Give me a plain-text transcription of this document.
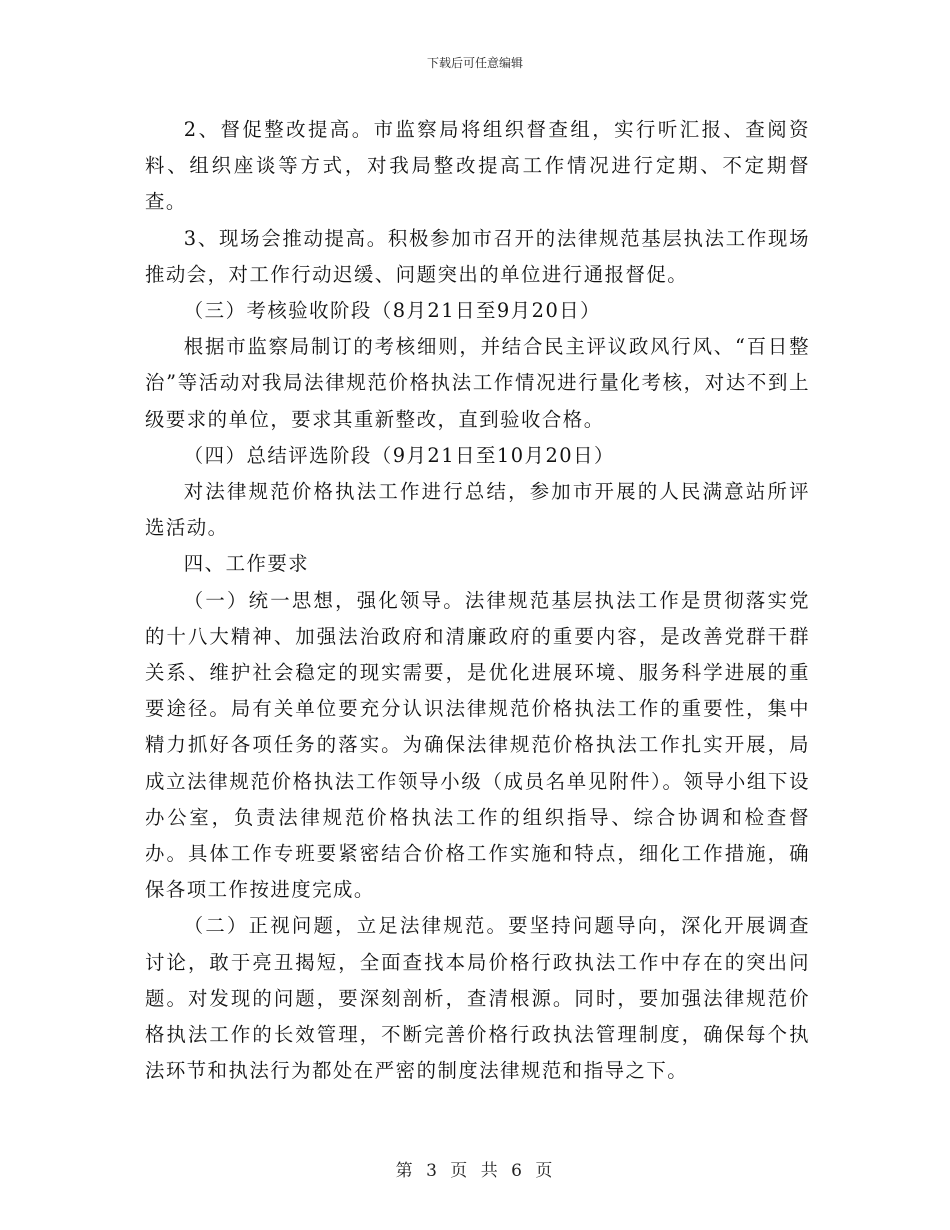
下载后可任意编辑

2、督促整改提高。市监察局将组织督查组，实行听汇报、查阅资料、组织座谈等方式，对我局整改提高工作情况进行定期、不定期督查。

3、现场会推动提高。积极参加市召开的法律规范基层执法工作现场推动会，对工作行动迟缓、问题突出的单位进行通报督促。

（三）考核验收阶段（8月21日至9月20日）

根据市监察局制订的考核细则，并结合民主评议政风行风、“百日整治”等活动对我局法律规范价格执法工作情况进行量化考核，对达不到上级要求的单位，要求其重新整改，直到验收合格。

（四）总结评选阶段（9月21日至10月20日）

对法律规范价格执法工作进行总结，参加市开展的人民满意站所评选活动。

四、工作要求

（一）统一思想，强化领导。法律规范基层执法工作是贯彻落实党的十八大精神、加强法治政府和清廉政府的重要内容，是改善党群干群关系、维护社会稳定的现实需要，是优化进展环境、服务科学进展的重要途径。局有关单位要充分认识法律规范价格执法工作的重要性，集中精力抓好各项任务的落实。为确保法律规范价格执法工作扎实开展，局成立法律规范价格执法工作领导小级（成员名单见附件）。领导小组下设办公室，负责法律规范价格执法工作的组织指导、综合协调和检查督办。具体工作专班要紧密结合价格工作实施和特点，细化工作措施，确保各项工作按进度完成。

（二）正视问题，立足法律规范。要坚持问题导向，深化开展调查讨论，敢于亮丑揭短，全面查找本局价格行政执法工作中存在的突出问题。对发现的问题，要深刻剖析，查清根源。同时，要加强法律规范价格执法工作的长效管理，不断完善价格行政执法管理制度，确保每个执法环节和执法行为都处在严密的制度法律规范和指导之下。

第 3 页 共 6 页
